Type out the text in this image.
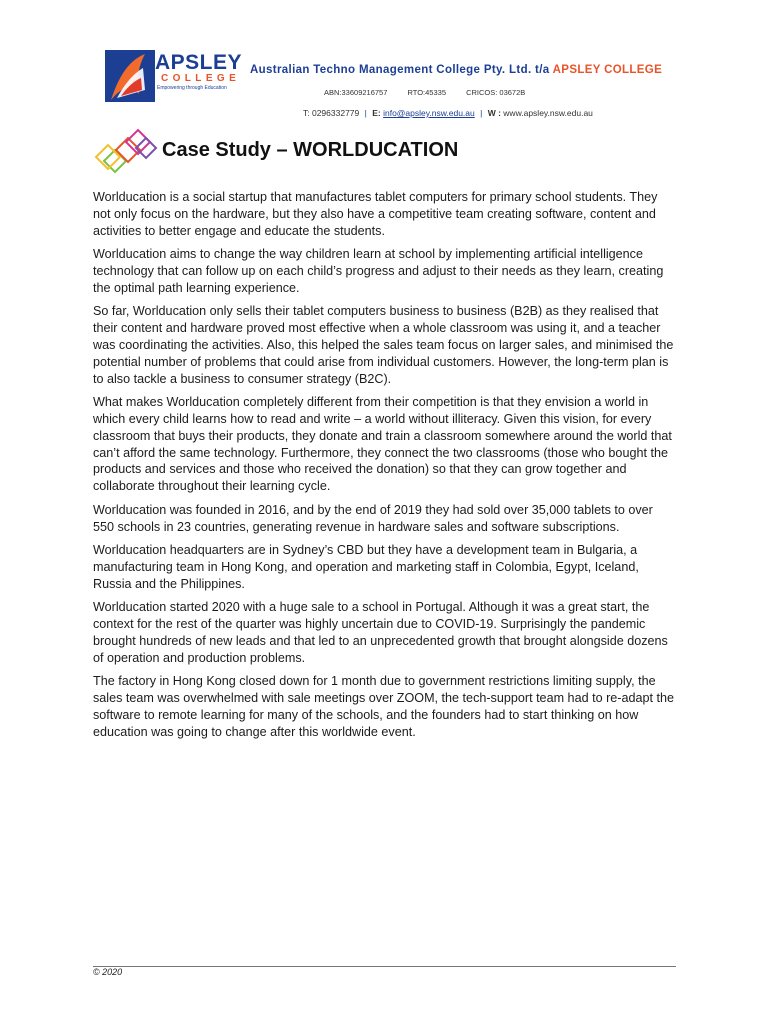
APSLEY
COLLEGE
Empowering through Education
Australian Techno Management College Pty. Ltd. t/a APSLEY COLLEGE
ABN:33609216757	RTO:45335	CRICOS: 03672B
T: 0296332779 | E: info@apsley.nsw.edu.au | W : www.apsley.nsw.edu.au
Case Study – WORLDUCATION

Worlducation is a social startup that manufactures tablet computers for primary school students. They not only focus on the hardware, but they also have a competitive team creating software, content and activities to better engage and educate the students.

Worlducation aims to change the way children learn at school by implementing artificial intelligence technology that can follow up on each child’s progress and adjust to their needs as they learn, creating the optimal path learning experience.

So far, Worlducation only sells their tablet computers business to business (B2B) as they realised that their content and hardware proved most effective when a whole classroom was using it, and a teacher was coordinating the activities. Also, this helped the sales team focus on larger sales, and minimised the potential number of problems that could arise from individual customers. However, the long-term plan is to also tackle a business to consumer strategy (B2C).

What makes Worlducation completely different from their competition is that they envision a world in which every child learns how to read and write – a world without illiteracy. Given this vision, for every classroom that buys their products, they donate and train a classroom somewhere around the world that can’t afford the same technology. Furthermore, they connect the two classrooms (those who bought the products and services and those who received the donation) so that they can grow together and collaborate throughout their learning cycle.

Worlducation was founded in 2016, and by the end of 2019 they had sold over 35,000 tablets to over 550 schools in 23 countries, generating revenue in hardware sales and software subscriptions.

Worlducation headquarters are in Sydney’s CBD but they have a development team in Bulgaria, a manufacturing team in Hong Kong, and operation and marketing staff in Colombia, Egypt, Iceland, Russia and the Philippines.

Worlducation started 2020 with a huge sale to a school in Portugal. Although it was a great start, the context for the rest of the quarter was highly uncertain due to COVID-19. Surprisingly the pandemic brought hundreds of new leads and that led to an unprecedented growth that brought alongside dozens of operation and production problems.

The factory in Hong Kong closed down for 1 month due to government restrictions limiting supply, the sales team was overwhelmed with sale meetings over ZOOM, the tech-support team had to re-adapt the software to remote learning for many of the schools, and the founders had to start thinking on how education was going to change after this worldwide event.

© 2020
